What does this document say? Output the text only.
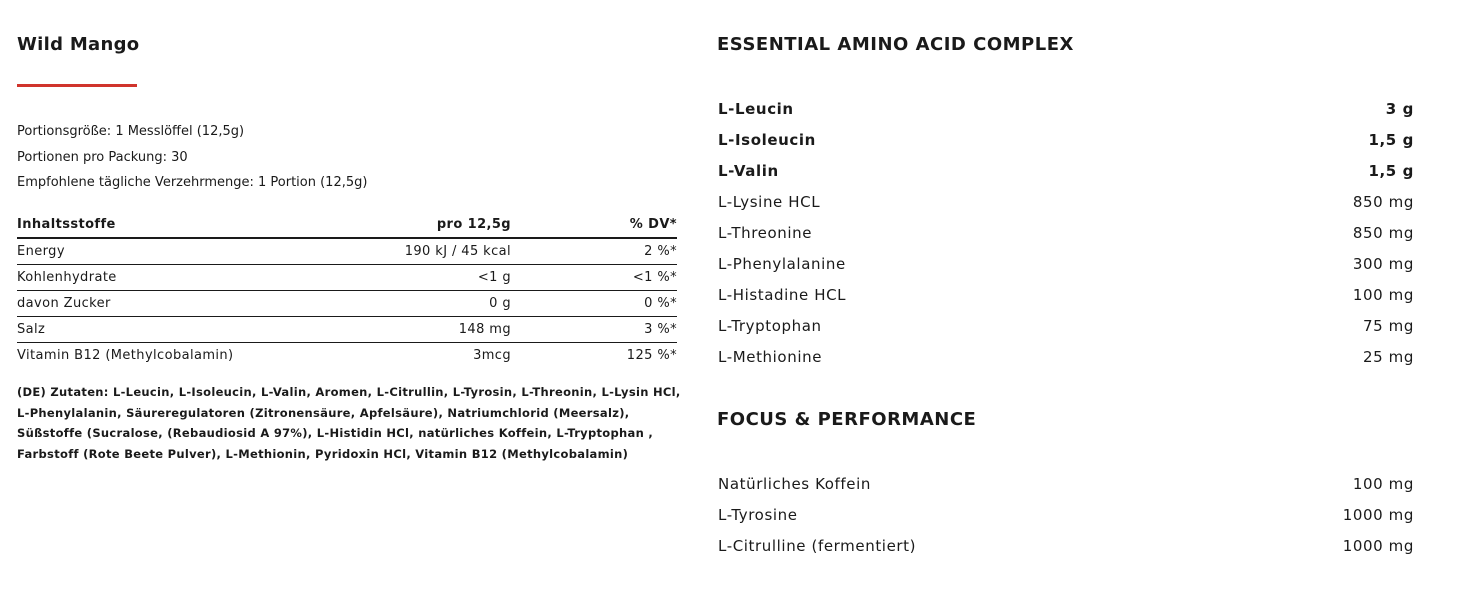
Wild Mango
Portionsgröße: 1 Messlöffel (12,5g)
Portionen pro Packung: 30
Empfohlene tägliche Verzehrmenge: 1 Portion (12,5g)
Inhaltsstoffe	pro 12,5g	% DV*
Energy	190 kJ / 45 kcal	2 %*
Kohlenhydrate	<1 g	<1 %*
davon Zucker	0 g	0 %*
Salz	148 mg	3 %*
Vitamin B12 (Methylcobalamin)	3mcg	125 %*
(DE) Zutaten: L-Leucin, L-Isoleucin, L-Valin, Aromen, L-Citrullin, L-Tyrosin, L-Threonin, L-Lysin HCl, L-Phenylalanin, Säureregulatoren (Zitronensäure, Apfelsäure), Natriumchlorid (Meersalz), Süßstoffe (Sucralose, (Rebaudiosid A 97%), L-Histidin HCl, natürliches Koffein, L-Tryptophan , Farbstoff (Rote Beete Pulver), L-Methionin, Pyridoxin HCl, Vitamin B12 (Methylcobalamin)
ESSENTIAL AMINO ACID COMPLEX
L-Leucin	3 g
L-Isoleucin	1,5 g
L-Valin	1,5 g
L-Lysine HCL	850 mg
L-Threonine	850 mg
L-Phenylalanine	300 mg
L-Histadine HCL	100 mg
L-Tryptophan	75 mg
L-Methionine	25 mg
FOCUS & PERFORMANCE
Natürliches Koffein	100 mg
L-Tyrosine	1000 mg
L-Citrulline (fermentiert)	1000 mg
